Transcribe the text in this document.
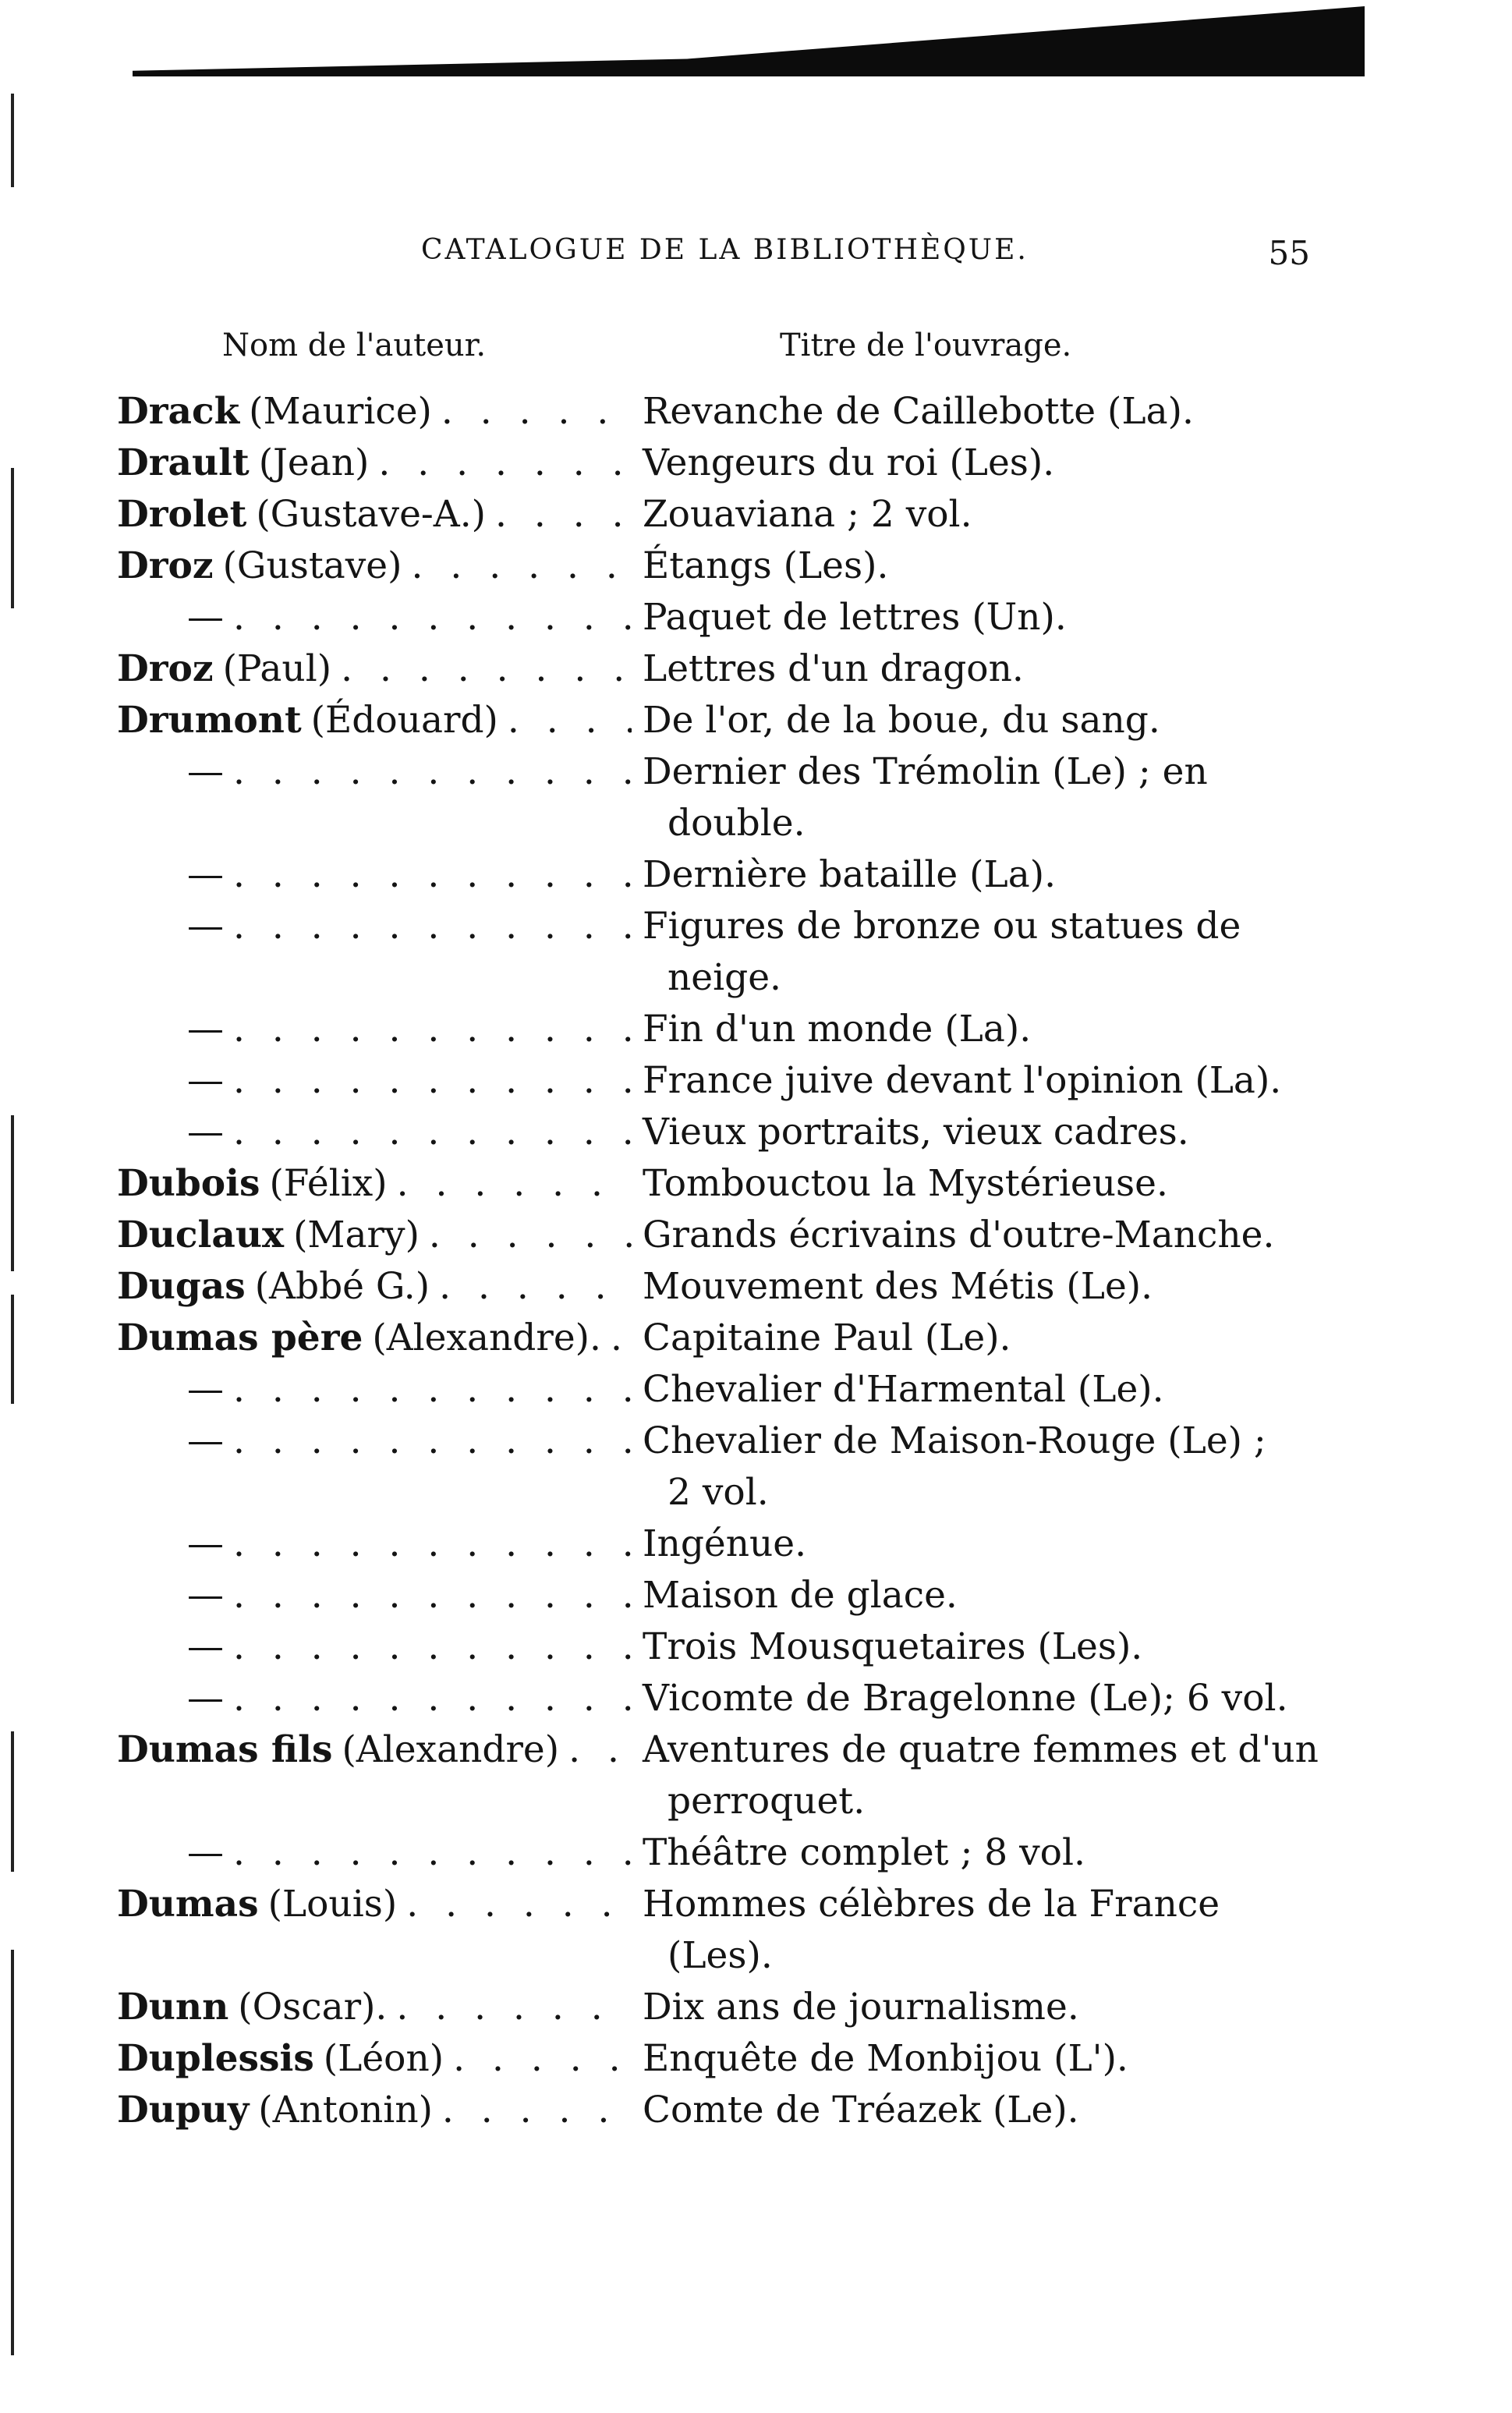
CATALOGUE DE LA BIBLIOTHÈQUE.	55
Nom de l'auteur.	Titre de l'ouvrage.
Drack (Maurice) . . .	Revanche de Caillebotte (La).
Drault (Jean) . . .	Vengeurs du roi (Les).
Drolet (Gustave-A.) . . .	Zouaviana ; 2 vol.
Droz (Gustave) . . .	Étangs (Les).
— . . .	Paquet de lettres (Un).
Droz (Paul) . . .	Lettres d'un dragon.
Drumont (Édouard) . . .	De l'or, de la boue, du sang.
— . . .	Dernier des Trémolin (Le) ; en
double.
— . . .	Dernière bataille (La).
— . . .	Figures de bronze ou statues de
neige.
— . . .	Fin d'un monde (La).
— . . .	France juive devant l'opinion (La).
— . . .	Vieux portraits, vieux cadres.
Dubois (Félix) . . .	Tombouctou la Mystérieuse.
Duclaux (Mary) . . .	Grands écrivains d'outre-Manche.
Dugas (Abbé G.) . . .	Mouvement des Métis (Le).
Dumas père (Alexandre). . . . Capitaine Paul (Le).
— . . .	Chevalier d'Harmental (Le).
— . . .	Chevalier de Maison-Rouge (Le) ;
2 vol.
— . . .	Ingénue.
— . . .	Maison de glace.
— . . .	Trois Mousquetaires (Les).
— . . .	Vicomte de Bragelonne (Le); 6 vol.
Dumas fils (Alexandre) . . . Aventures de quatre femmes et d'un
perroquet.
— . . .	Théâtre complet ; 8 vol.
Dumas (Louis) . . .	Hommes célèbres de la France
(Les).
Dunn (Oscar). . . .	Dix ans de journalisme.
Duplessis (Léon) . . .	Enquête de Monbijou (L').
Dupuy (Antonin) . . .	Comte de Tréazek (Le).
